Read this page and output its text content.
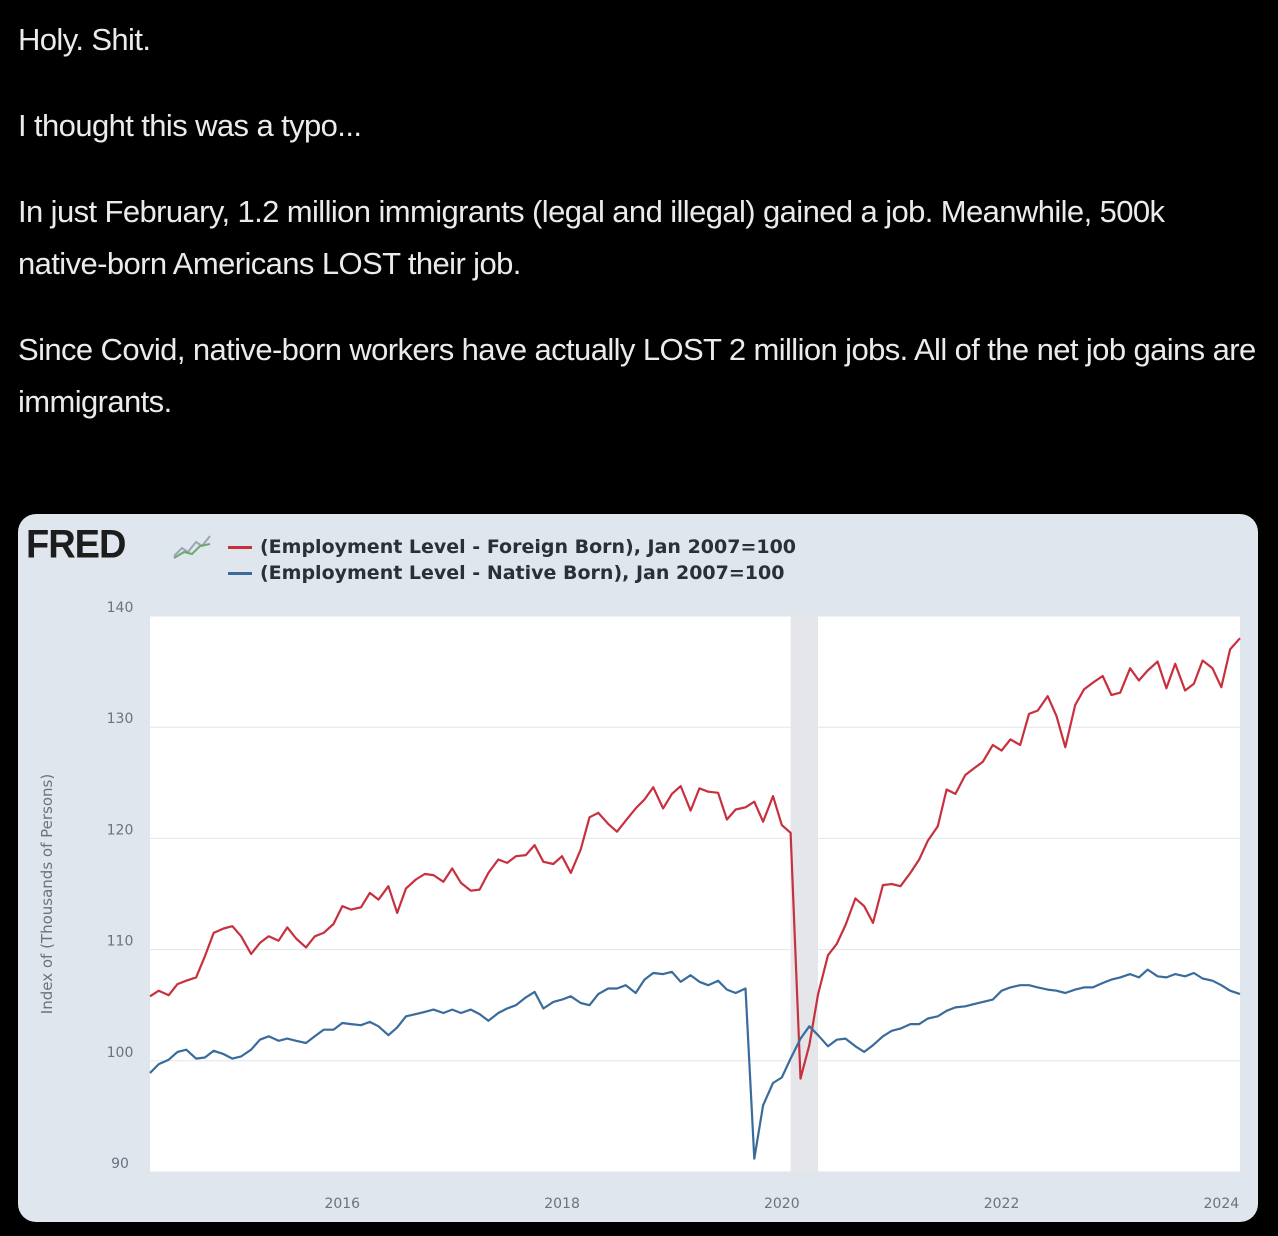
Holy. Shit.

I thought this was a typo...

In just February, 1.2 million immigrants (legal and illegal) gained a job. Meanwhile, 500k native-born Americans LOST their job.

Since Covid, native-born workers have actually LOST 2 million jobs. All of the net job gains are immigrants.

90
100
110
120
130
140
2016	2018	2020	2022	2024
Index of (Thousands of Persons)
FRED	(Employment Level - Foreign Born), Jan 2007=100
(Employment Level - Native Born), Jan 2007=100
